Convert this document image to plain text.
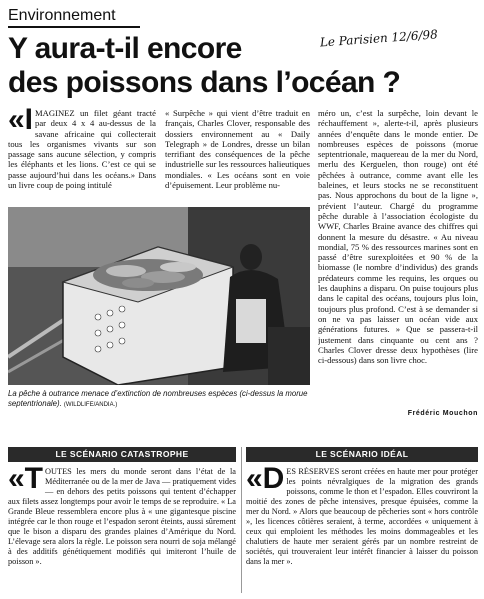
Environnement
Le Parisien 12/6/98
Y aura-t-il encore
des poissons dans l’océan ?
«I MAGINEZ un filet géant tracté par deux 4 x 4 au-dessus de la savane africaine qui collecterait tous les organismes vivants sur son passage sans aucune sélection, y compris les éléphants et les lions. C’est ce qui se passe aujourd’hui dans les océans.» Dans un livre coup de poing intitulé
« Surpêche » qui vient d’être traduit en français, Charles Clover, responsable des dossiers environnement au « Daily Telegraph » de Londres, dresse un bilan terrifiant des conséquences de la pêche industrielle sur les ressources halieutiques mondiales. « Les océans sont en voie d’épuisement. Leur problème nu-
méro un, c’est la surpêche, loin devant le réchauffement », alerte-t-il, après plusieurs années d’enquête dans le monde entier. De nombreuses espèces de poissons (morue septentrionale, maquereau de la mer du Nord, merlu des Kerguelen, thon rouge) ont été pêchées à outrance, comme avant elle les baleines, et leurs stocks ne se reconstituent pas. Nous approchons du bout de la ligne », prévient l’auteur. Chargé du programme pêche durable à l’association écologiste du WWF, Charles Braine avance des chiffres qui donnent la mesure du désastre. « Au niveau mondial, 75 % des ressources marines sont en passé d’être surexploitées et 90 % de la biomasse (le nombre d’individus) des grands prédateurs comme les requins, les orques ou les dauphins a disparu. On puise toujours plus dans le capital des océans, toujours plus loin, toujours plus profond. C’est à se demander si on ne va pas laisser un océan vide aux générations futures. » Que se passera-t-il justement dans cinquante ou cent ans ? Charles Clover dresse deux hypothèses (lire ci-dessous) dans son livre choc.
La pêche à outrance menace d’extinction de nombreuses espèces (ci-dessus la morue septentrionale). (WILDLIFE/ANDIA.)
Frédéric Mouchon
LE SCÉNARIO CATASTROPHE	LE SCÉNARIO IDÉAL
«T OUTES les mers du monde seront dans l’état de la Méditerranée ou de la mer de Java — pratiquement vides — en dehors des petits poissons qui tentent d’échapper aux filets assez longtemps pour avoir le temps de se reproduire. « La Grande Bleue ressemblera encore plus à « une gigantesque piscine intégrée car le thon rouge et l’espadon seront éteints, aussi sûrement que le bison a disparu des grandes plaines d’Amérique du Nord. L’élevage sera alors la règle. Le poisson sera nourri de soja mélangé à des additifs génétiquement modifiés qui imiteront l’huile de poisson ».
«D ES RÉSERVES seront créées en haute mer pour protéger les points névralgiques de la migration des grands poissons, comme le thon et l’espadon. Elles couvriront la moitié des zones de pêche intensives, presque épuisées, comme la mer du Nord. » Alors que beaucoup de pêcheries sont « hors contrôle », les licences côtières seraient, à terme, accordées « uniquement à ceux qui emploient les méthodes les moins dommageables et les chalutiers de haute mer seraient gérés par un nombre restreint de sociétés, qui trouveraient leur intérêt financier à laisser du poisson dans la mer ».
